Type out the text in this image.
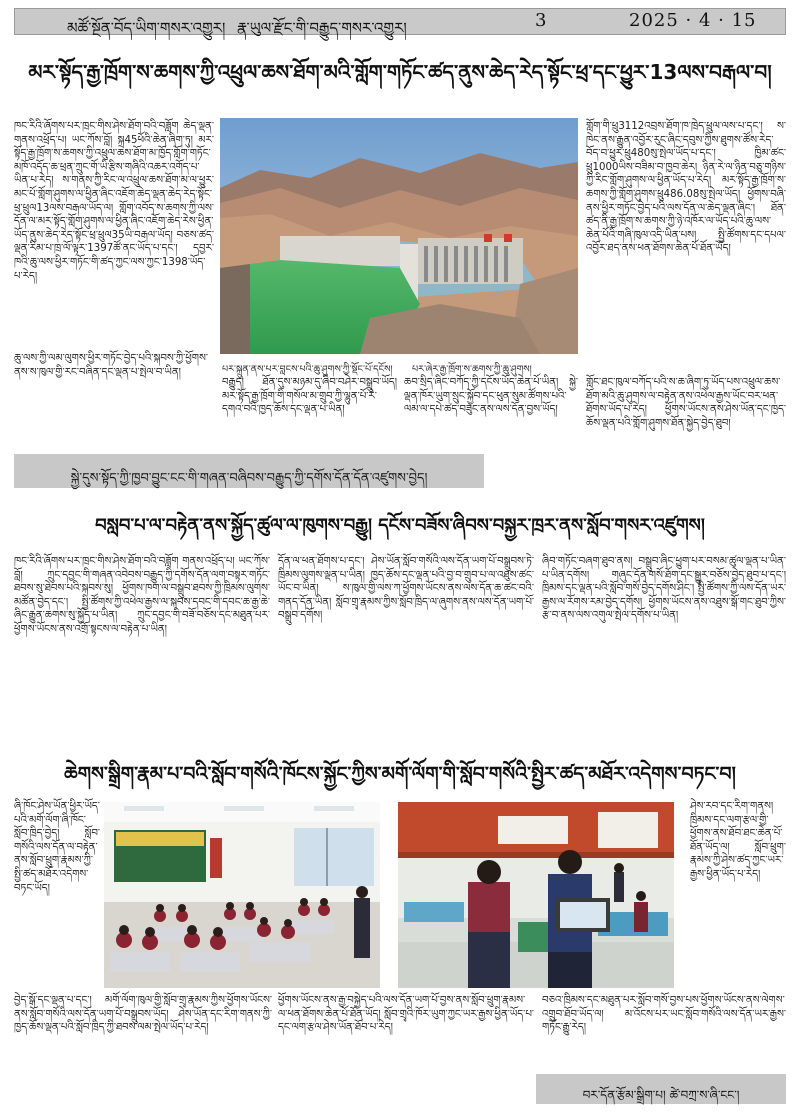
མཚོ་སྔོན་བོད་ཡིག་གསར་འགྱུར། རྣ་ཡུལ་རྫོང་གི་བརྒྱུད་གསར་འགྱུར།	3	2025 · 4 · 15
མར་སྟོད་རྒྱ་ཁྲོག་ས་ཆགས་ཀྱི་འཕྲུལ་ཆས་ཐོག་མའི་གློག་གཏོང་ཚད་ནུས་ཆེད་རེད་སྟོང་ཕྲ་དང་ཕྱུར་13ལས་བརྒལ་བ།
ཁང་རིའི་ཞོགས་པར་ཁྲང་གིས་ཤེས་ཐོག་བའི་བཟློག ཆེད་ལྡན་གནས་འཕྲོད་པ། ཡང་ཀོས་བློ། སྐྲ45ཕོའི་ཆེན་ཞིག་ཏུ། མར་སྟོད་རྒྱ་ཁྲོག་ས་ཆགས་ཀྱི་འཕྲུལ་ཆས་ཐོག་མ་ཁྱོད་གློག་གཏོང་མཁོ་འདོད་ཆ་ཕྲན་ཀྲུང་གོ་ཡི་རྩིས་གཞིའི་འཆར་འགོད་པ་ཡིན་པ་རེད། ས་གནས་ཀྱི་རིང་ལ་འཕྲུལ་ཆས་ཐོག་མ་ལ་ཕྱུར་མང་པོ་གློག་ཤུགས་ལ་ཕྱིན་ཞིང་འཇོག་ཆེད་ལྡན་ཆེད་རེད་སྟོང་ཕྲ་ཕྲུལ13ལས་བརྒལ་ཡོད་ལ། གློག་འབོད་ས་ཆགས་ཀྱི་ལས་དོན་ལ་མར་སྟོད་གློག་ཤུགས་ལ་ཕྱིན་ཞིང་འཇོག་ཆེད་རེས་ཕྱིན་ཡོད་ནུས་ཆེད་རེད་སྟོང་ཕྲ་ཕྲུལ35ཡི་བརྒལ་ཡོད། བཅས་ཚད་ལྡན་རིམ་པ་ཁྲ་ལོ་ལྟར་1397ཚོ་ནང་ཡོད་པ་དང་། དབྱར་ཁའི་ཆུ་ལས་ཕྱིར་གཏོང་གི་ཚད་ཀྱང་ལས་ཀྱང་1398་ཡོད་པ་རེད།
ཆུ་ལས་ཀྱི་ལམ་ལུགས་ཕྱིར་གཏོང་བྱེད་པའི་སྐབས་ཀྱི་ཕྱོགས་ནས་ས་ཁུལ་གྱི་རང་བཞིན་དང་ལྡན་པ་སྤེལ་བ་ཡིན།	པར་སྐྲུན་ནས་པར་བླངས་པའི་ཆུ་ཤུགས་ཀྱི་སྡོང་པོ་དངོས། པར་ཞེར་རྒྱ་ཁྲོག་ས་ཆགས་ཀྱི་ཆུ་ཤུགས།
གློག་གི་ཕྲུ3112འབྲས་ཐོག་ཁ་ཁྲེད་ཕྲུལ་ལས་པ་དང་། ས་ཁེང་ནས་རྒྱུན་འབྱོར་རུང་ཞིང་དབུས་ཀྱིས་ཐུགས་ཚོས་རེད་བོད་བ་ཕྱུར་ཕྲུ480སུ་སྤེལ་ཡོད་པ་དང་། ཁྱིམ་ཚང་ཕྲུ1000ཡིས་བཟིམ་བ་ཁྱབ་ཆེར། ཉིན་རེ་ལ་ཉིན་བཅུ་གཉིས་ཀྱི་རིང་གློག་ཤུགས་ལ་ཕྱིན་ཡོད་པ་རེད། མར་སྟོད་རྒྱ་ཁྲོག་ས་ཆགས་ཀྱི་གློག་ཤུགས་ཕྲུ486.08སུ་སྤེལ་ཡོད། ཕྱོགས་བཞི་ནས་ཕྱིར་གཏོང་བྱེད་པའི་ལས་དོན་ལ་ཆེད་ལྡན་ཞིང་། ཐོན་ཚད་ནི་རྒྱ་ཁྲོག་ས་ཆགས་ཀྱི་ཉེ་འཁོར་ལ་ཡོད་པའི་ཆུ་ལས་ཆེན་པོའི་གཞི་ཁུལ་འདི་ཡིན་པས། སྤྱི་ཚོགས་དང་དཔལ་འབྱོར་ཐད་ནས་ཕན་ཐོགས་ཆེན་པོ་ཐོན་ཡོད།
བརྒྱུད། ཐོན་དུས་མཉམ་དུ་ཞིབ་བཤེར་བསྒྲུབ་ཡོད། མར་སྟོད་རྒྱ་ཁྲོག་གི་གསོལ་མ་གྲུབ་ཀྱི་ལྷུན་པོ་རེ་དགའ་བའི་ཁྱད་ཆོས་དང་ལྡན་པ་ཡིན།
ཆབ་སྲིད་ཞིང་བཀོད་ཀྱི་དངོས་ཡོད་ཆེན་པོ་ཡིན། སྐྱེ་ལྡན་ཁོར་ཡུག་སྲུང་སྐྱོབ་དང་ཕུན་སུམ་ཚོགས་པའི་ལམ་ལ་དཔེ་ཚད་བཟུང་ནས་ལས་དོན་བྱས་ཡོད།
གློང་ཐང་ཁུལ་བཀོད་པའི་ས་ཆ་ཞིག་ཏུ་ཡོད་པས་འཕྲུལ་ཆས་ཐོག་མའི་ཆུ་ཤུགས་ལ་བརྟེན་ནས་འཕེལ་རྒྱས་ཡོང་བར་ཕན་ཐོགས་ཡོད་པ་རེད། ཕྱོགས་ཡོངས་ནས་ཤེས་ཡོན་དང་ཁྱད་ཆོས་ལྡན་པའི་གློག་ཤུགས་ཐོན་སྐྱེད་བྱེད་ཐུབ།
སྐྱེ་དུས་སྟོད་ཀྱི་ཁྱབ་བྱུང་ངང་གི་གཞན་བཞིབས་བརྒྱུད་ཀྱི་དགོས་དོན་དོན་འཛུགས་བྱེད།
བསླབ་པ་ལ་བརྟེན་ནས་སྐྱོད་ཚུལ་ལ་ཁུགས་བརྒྱུ། དངོས་བཟོས་ཞིབས་བསྐྱར་ཁྲར་ནས་སློབ་གསར་འཛུགས།
ཁང་རིའི་ཞོགས་པར་ཁྲང་གིས་ཤེས་ཐོག་བའི་བཟློག གནས་འཕྲོད་པ། ཡང་ཀོས་བློ། ཀྲུང་དབྱང་གི་གཞན་འབེབས་བརྒྱུད་ཀྱི་དགོས་དོན་ལག་བསྟར་གཏོང་ཐབས་སུ་ཐེབས་པའི་སྐབས་སུ། ཕྱོགས་ཁག་ལ་བསྒྲུབ་ཐབས་ཀྱི་ཁྲིམས་ལུགས་མཚོན་བྱེད་དང་། སྤྱི་ཚོགས་ཀྱི་འཕེལ་རྒྱས་ལ་སྐབས་དབང་གི་དབང་ཆ་རྒྱ་ཆེ་ཞིང་རྒྱུན་ཆགས་སུ་སྐྱོད་པ་ཡིན། ཀྲུང་དབྱང་གི་བཟོ་བཅོས་དང་མཐུན་པར་ཕྱོགས་ཡོངས་ནས་འགྲོ་སྟངས་ལ་བརྟེན་པ་ཡིན།
དོན་ལ་ཕན་ཐོགས་པ་དང་། ཤེས་ཡོན་སློབ་གསོའི་ལས་དོན་ཡག་པོ་བསྒྲུབས་ཏེ་ཁྲིམས་ལུགས་ལྡན་པ་ཡིན། ཁྱད་ཆོས་དང་ལྡན་པའི་བྱ་བ་གྲུབ་པ་ལ་འཐུས་ཚང་ཡོང་བ་ཡིན། ས་ཁུལ་གྱི་ལས་ཀ་ཕྱོགས་ཡོངས་ནས་ལས་དོན་ཆ་ཚང་བའི་གནད་དོན་ཡིན། སློབ་གྲྭ་རྣམས་ཀྱིས་སློབ་ཁྲིད་ལ་ཞུགས་ནས་ལས་དོན་ཡག་པོ་བསྒྲུབ་དགོས།
ཞིབ་གཏོང་བཞག་ཐུབ་ནས། བསྒྲུབ་ཞིང་ཕྱུག་པར་བསམ་ཚུལ་ལྡན་པ་ཡིན་པ་ཡིན་དགོས། གཞུང་དོན་གསོ་ཐོག་དང་སྒྱུར་བཅོས་བྱེད་ཐུབ་པ་དང་། ཁྲིམས་དང་ལྡན་པའི་སློབ་གསོ་བྱེད་དགོས་ཤིང་། སྤྱི་ཚོགས་ཀྱི་ལས་དོན་ཡར་རྒྱས་ལ་རོགས་རམ་བྱེད་དགོས། ཕྱོགས་ཡོངས་ནས་འཐུས་སྒོ་གང་ཐུབ་ཀྱིས་རྩ་བ་ནས་ལས་འགུལ་སྤེལ་དགོས་པ་ཡིན།
ཆེགས་སྒྲིག་རྣམ་པ་བའི་སློབ་གསོའི་ཁོངས་སྐྱོང་ཀྱིས་མགོ་ལོག་གི་སློབ་གསོའི་སྤྱིར་ཚད་མཐོར་འདེགས་བཏང་བ།
ཞི་ཁོང་ཤེས་ཡོན་ཕྱིར་ཡོད་པའི་མགོ་ལོག་ཞི་ཁོང་སློབ་ཁྲིད་བྱེད། སློབ་གསོའི་ལས་དོན་ལ་བརྟེན་ནས་སློབ་ཕྲུག་རྣམས་ཀྱི་སྤྱི་ཚད་མཐོར་འདེགས་བཏང་ཡོད།
ཤེས་རབ་དང་རིག་གནས། ཁྲིམས་དང་ལག་རྩལ་གྱི་ཕྱོགས་ནས་ཐོབ་ཐང་ཆེན་པོ་ཐོན་ཡོད་ལ། སློབ་ཕྲུག་རྣམས་ཀྱི་ཤེས་ཚད་ཀྱང་ཡར་རྒྱས་ཕྱིན་ཡོད་པ་རེད།
བྱེད་སྒོ་དང་ལྡན་པ་དང་། མགོ་ལོག་ཁུལ་གྱི་སློབ་གྲྭ་རྣམས་ཀྱིས་ཕྱོགས་ཡོངས་ནས་སློབ་གསོའི་ལས་དོན་ཡག་པོ་བསྒྲུབས་ཡོད། ཤེས་ཡོན་དང་རིག་གནས་ཀྱི་ཁྱད་ཆོས་ལྡན་པའི་སློབ་ཁྲིད་ཀྱི་ཐབས་ལམ་སྤེལ་ཡོད་པ་རེད།
ཕྱོགས་ཡོངས་ནས་རྒྱ་བསྐྱེད་པའི་ལས་དོན་ཡག་པོ་བྱས་ནས་སློབ་ཕྲུག་རྣམས་ལ་ཕན་ཐོགས་ཆེན་པོ་ཐོན་ཡོད། སློབ་གྲྭའི་ཁོར་ཡུག་ཀྱང་ཡར་རྒྱས་ཕྱིན་ཡོད་པ་དང་ལག་རྩལ་ཤེས་ཡོན་ཐོབ་པ་རེད།
བཅའ་ཁྲིམས་དང་མཐུན་པར་སློབ་གསོ་བྱས་པས་ཕྱོགས་ཡོངས་ནས་ལེགས་འགྲུབ་ཐོབ་ཡོད་ལ། མ་འོངས་པར་ཡང་སློབ་གསོའི་ལས་དོན་ཡར་རྒྱས་གཏོང་རྒྱུ་རེད།
བར་དོན་རྩོམ་སྒྲིག་པ། ཚེ་བཀྲ་ས་ཞི་ངང་།
